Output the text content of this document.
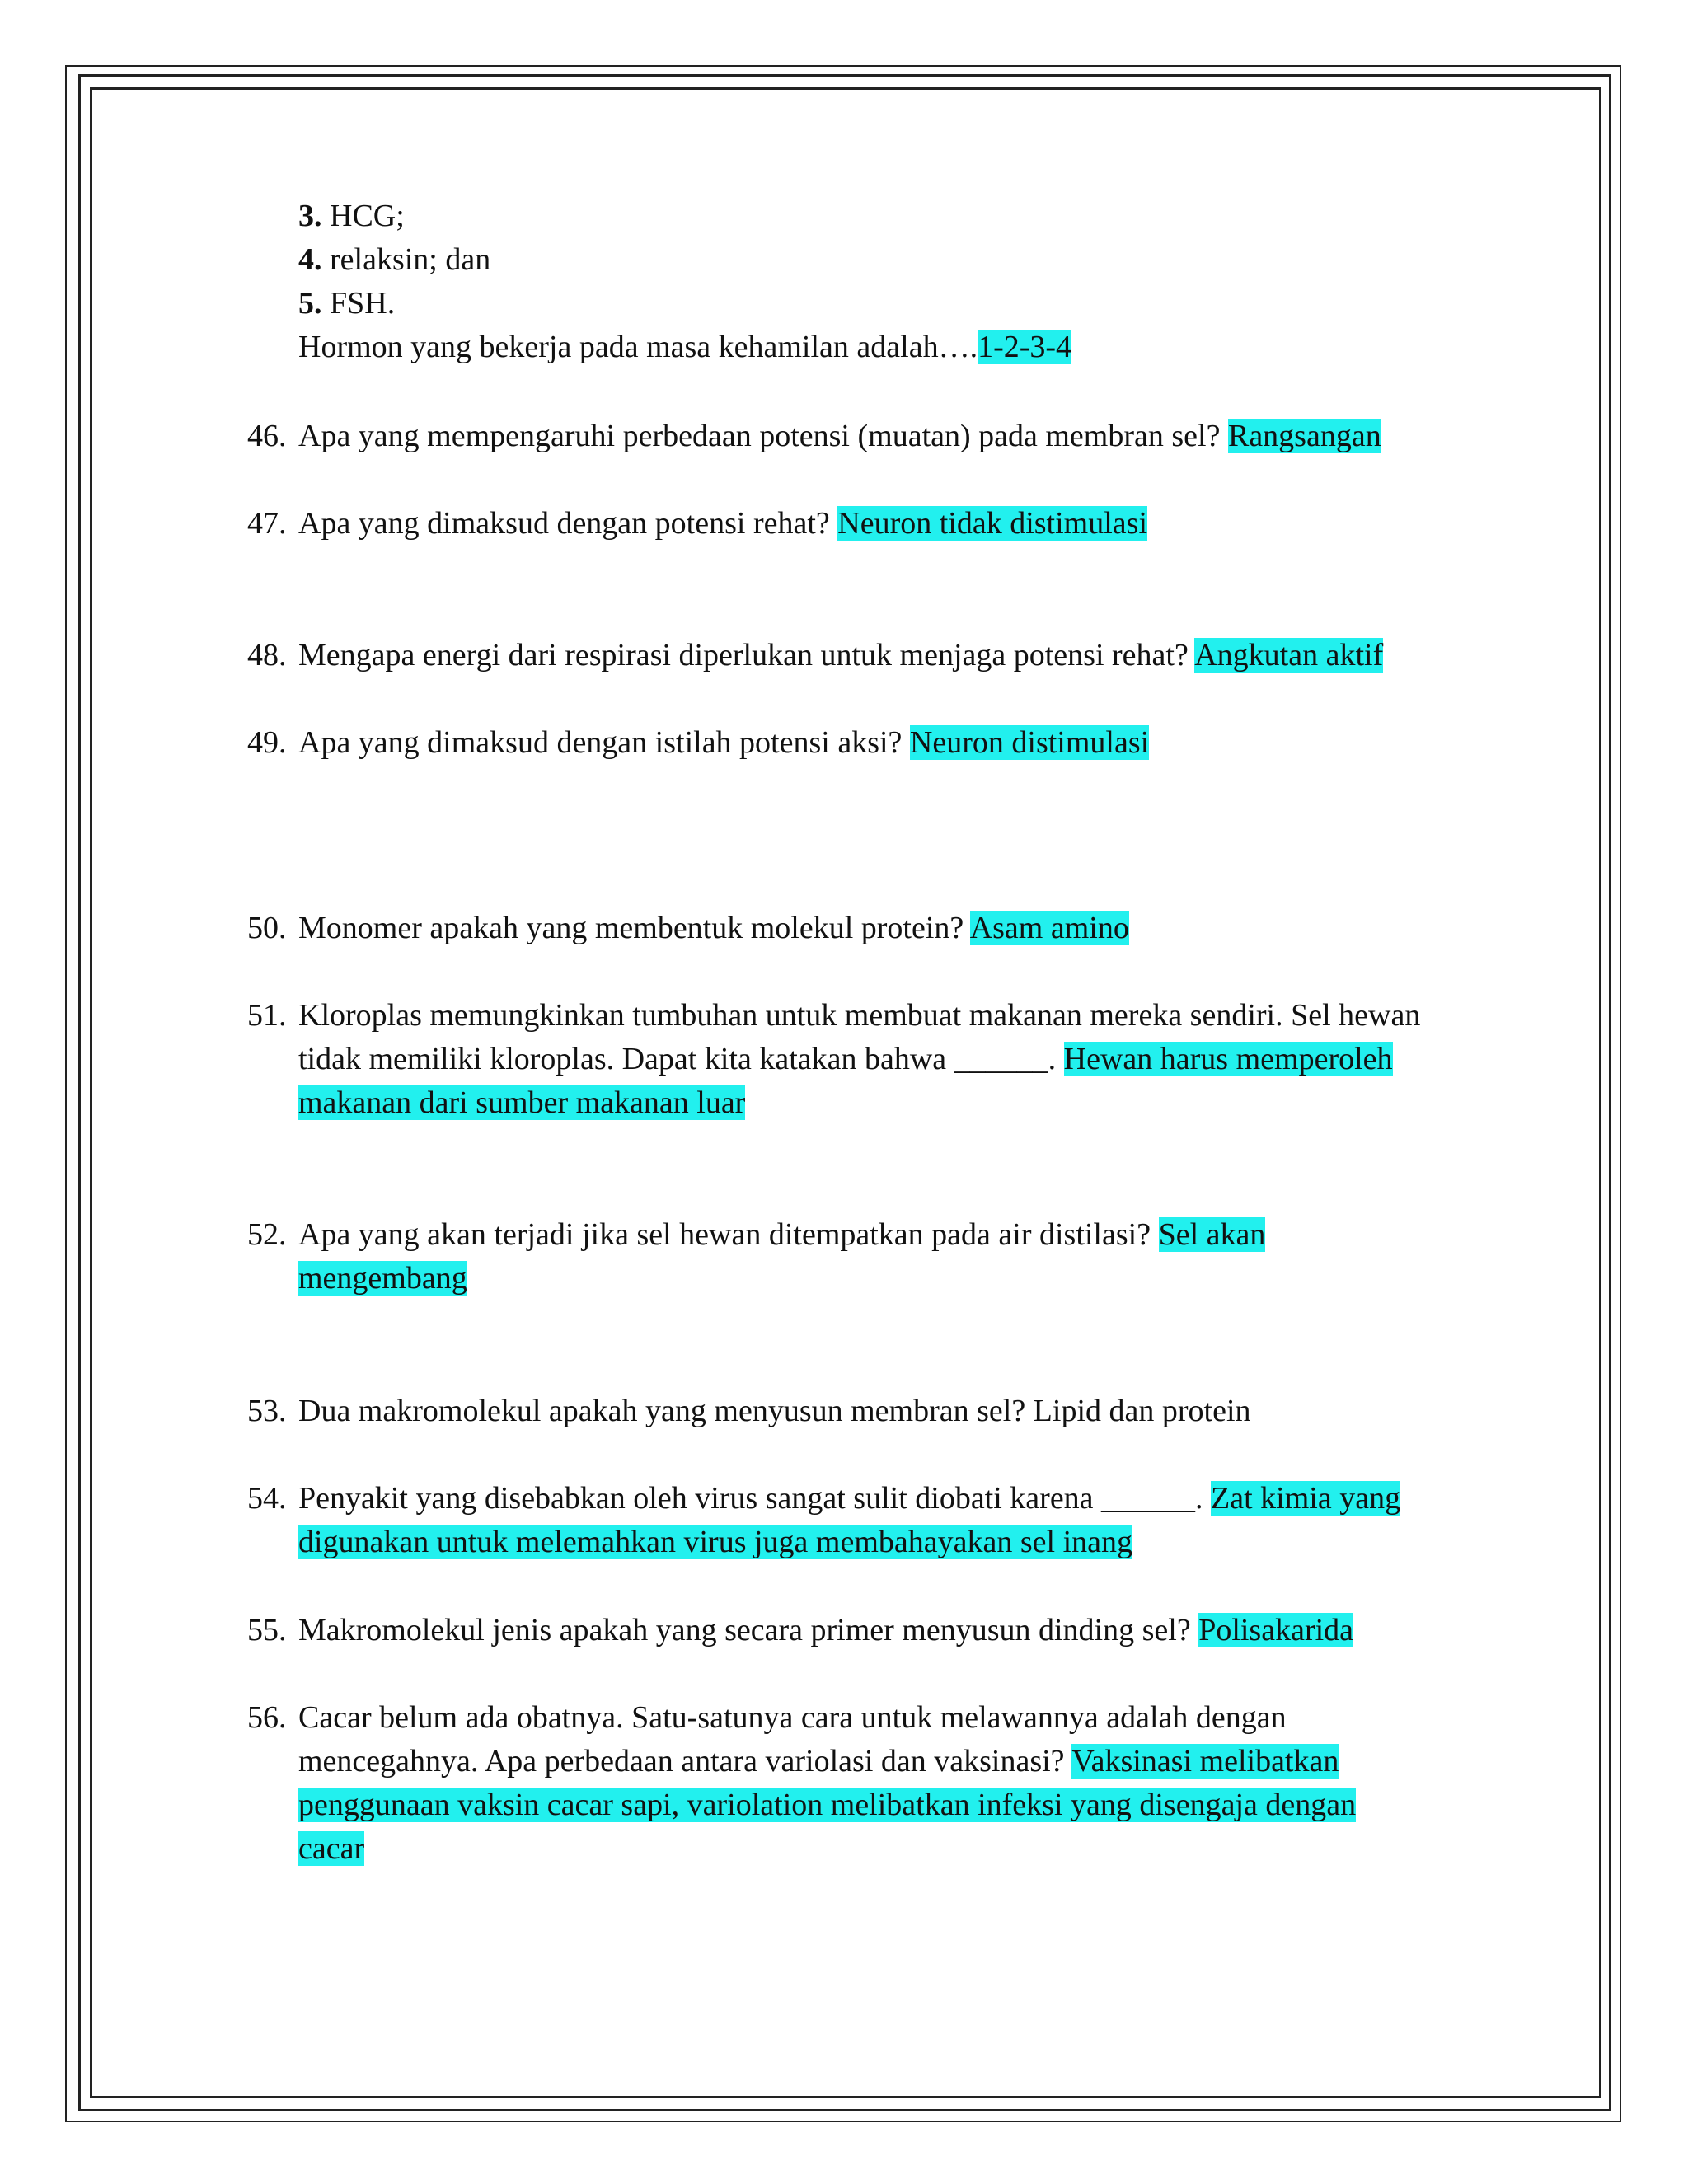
3. HCG;
4. relaksin; dan
5. FSH.
Hormon yang bekerja pada masa kehamilan adalah….1-2-3-4
46. Apa yang mempengaruhi perbedaan potensi (muatan) pada membran sel? Rangsangan
47. Apa yang dimaksud dengan potensi rehat? Neuron tidak distimulasi
48. Mengapa energi dari respirasi diperlukan untuk menjaga potensi rehat? Angkutan aktif
49. Apa yang dimaksud dengan istilah potensi aksi? Neuron distimulasi
50. Monomer apakah yang membentuk molekul protein? Asam amino
51. Kloroplas memungkinkan tumbuhan untuk membuat makanan mereka sendiri. Sel hewan
tidak memiliki kloroplas. Dapat kita katakan bahwa ______. Hewan harus memperoleh
makanan dari sumber makanan luar
52. Apa yang akan terjadi jika sel hewan ditempatkan pada air distilasi? Sel akan
mengembang
53. Dua makromolekul apakah yang menyusun membran sel? Lipid dan protein
54. Penyakit yang disebabkan oleh virus sangat sulit diobati karena ______. Zat kimia yang
digunakan untuk melemahkan virus juga membahayakan sel inang
55. Makromolekul jenis apakah yang secara primer menyusun dinding sel? Polisakarida
56. Cacar belum ada obatnya. Satu-satunya cara untuk melawannya adalah dengan
mencegahnya. Apa perbedaan antara variolasi dan vaksinasi? Vaksinasi melibatkan
penggunaan vaksin cacar sapi, variolation melibatkan infeksi yang disengaja dengan
cacar
